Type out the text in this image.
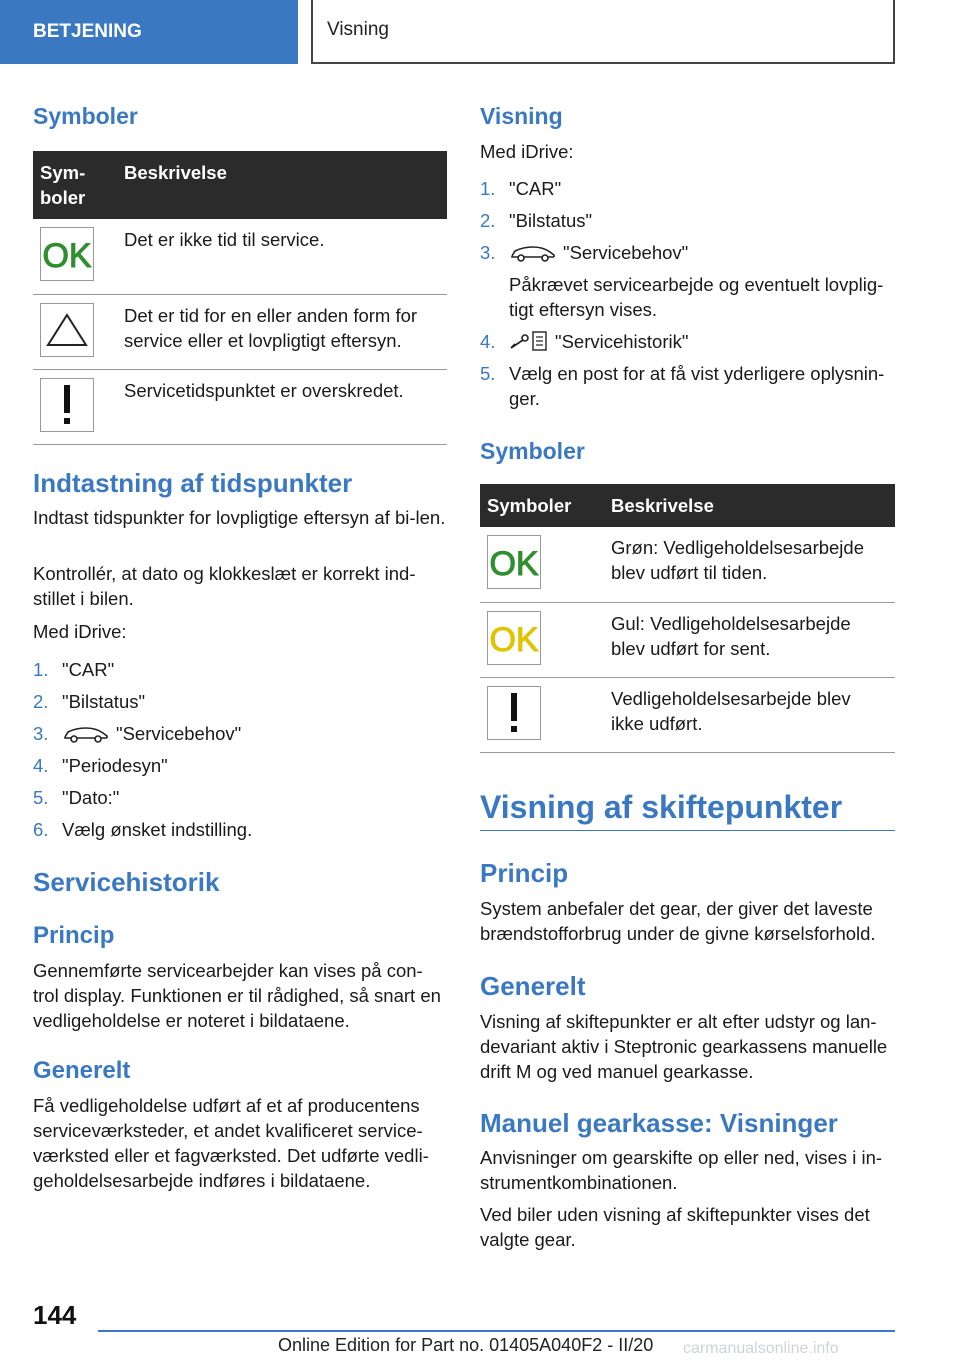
BETJENING	Visning
Symboler
Sym-
boler	Beskrivelse

OK	Det er ikke tid til service.

	Det er tid for en eller anden form for service eller et lovpligtigt eftersyn.

	Servicetidspunktet er overskredet.
Indtastning af tidspunkter
Indtast tidspunkter for lovpligtige eftersyn af bi-len.
Kontrollér, at dato og klokkeslæt er korrekt ind-stillet i bilen.
Med iDrive:
1. "CAR"
2. "Bilstatus"
3.	"Servicebehov"
4. "Periodesyn"
5. "Dato:"
6. Vælg ønsket indstilling.
Servicehistorik
Princip
Gennemførte servicearbejder kan vises på con-trol display. Funktionen er til rådighed, så snart en vedligeholdelse er noteret i bildataene.
Generelt
Få vedligeholdelse udført af et af producentens serviceværksteder, et andet kvalificeret service-værksted eller et fagværksted. Det udførte vedli-geholdelsesarbejde indføres i bildataene.
Visning
Med iDrive:
1. "CAR"
2. "Bilstatus"
3.	"Servicebehov"
Påkrævet servicearbejde og eventuelt lovplig-tigt eftersyn vises.
4.	"Servicehistorik"
5. Vælg en post for at få vist yderligere oplysnin-ger.
Symboler
Symboler	Beskrivelse

OK	Grøn: Vedligeholdelsesarbejde blev udført til tiden.

OK	Gul: Vedligeholdelsesarbejde blev udført for sent.

	Vedligeholdelsesarbejde blev ikke udført.
Visning af skiftepunkter
Princip
System anbefaler det gear, der giver det laveste brændstofforbrug under de givne kørselsforhold.
Generelt
Visning af skiftepunkter er alt efter udstyr og lan-devariant aktiv i Steptronic gearkassens manuelle drift M og ved manuel gearkasse.
Manuel gearkasse: Visninger
Anvisninger om gearskifte op eller ned, vises i in-strumentkombinationen.
Ved biler uden visning af skiftepunkter vises det valgte gear.
144
Online Edition for Part no. 01405A040F2 - II/20 carmanualsonline.info
